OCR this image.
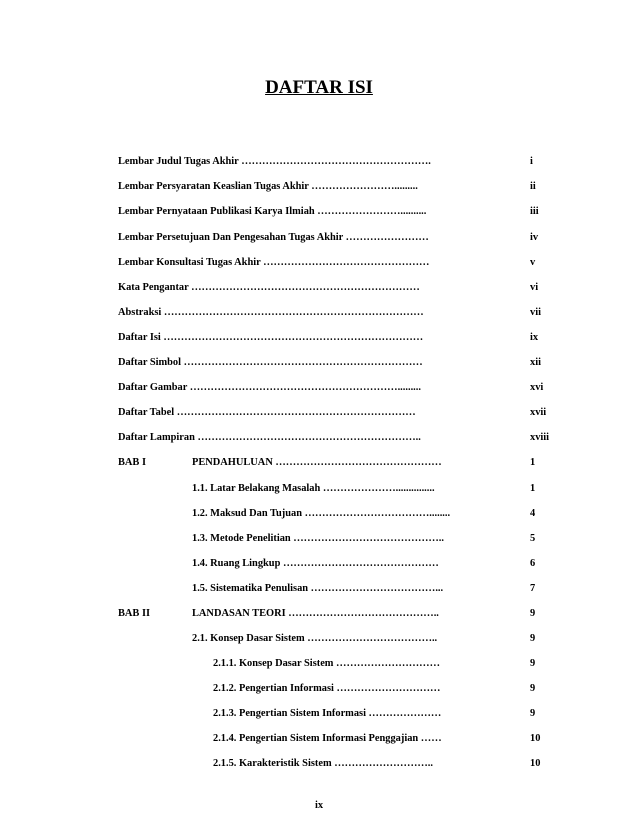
DAFTAR ISI
Lembar Judul Tugas Akhir ……………………………………………….	i
Lembar Persyaratan Keaslian Tugas Akhir …………………….........	ii
Lembar Pernyataan Publikasi Karya Ilmiah ……………………..........	iii
Lembar Persetujuan Dan Pengesahan Tugas Akhir ……………………	iv
Lembar Konsultasi Tugas Akhir …………………………………………	v
Kata Pengantar …………………………………………………………	vi
Abstraksi …………………………………………………………………	vii
Daftar Isi …………………………………………………………………	ix
Daftar Simbol ……………………………………………………………	xii
Daftar Gambar …………………………………………………….........	xvi
Daftar Tabel ……………………………………………………………	xvii
Daftar Lampiran ………………………………………………………..	xviii
BAB I	PENDAHULUAN …………………………………………	1
1.1. Latar Belakang Masalah …………………...............	1
1.2. Maksud Dan Tujuan ………………………………........	4
1.3. Metode Penelitian ……………………………………..	5
1.4. Ruang Lingkup ………………………………………	6
1.5. Sistematika Penulisan ………………………………...	7
BAB II	LANDASAN TEORI ……………………………………..	9
2.1. Konsep Dasar Sistem ………………………………..	9
2.1.1. Konsep Dasar Sistem …………………………	9
2.1.2. Pengertian Informasi …………………………	9
2.1.3. Pengertian Sistem Informasi …………………	9
2.1.4. Pengertian Sistem Informasi Penggajian ……	10
2.1.5. Karakteristik Sistem ………………………..	10
ix
